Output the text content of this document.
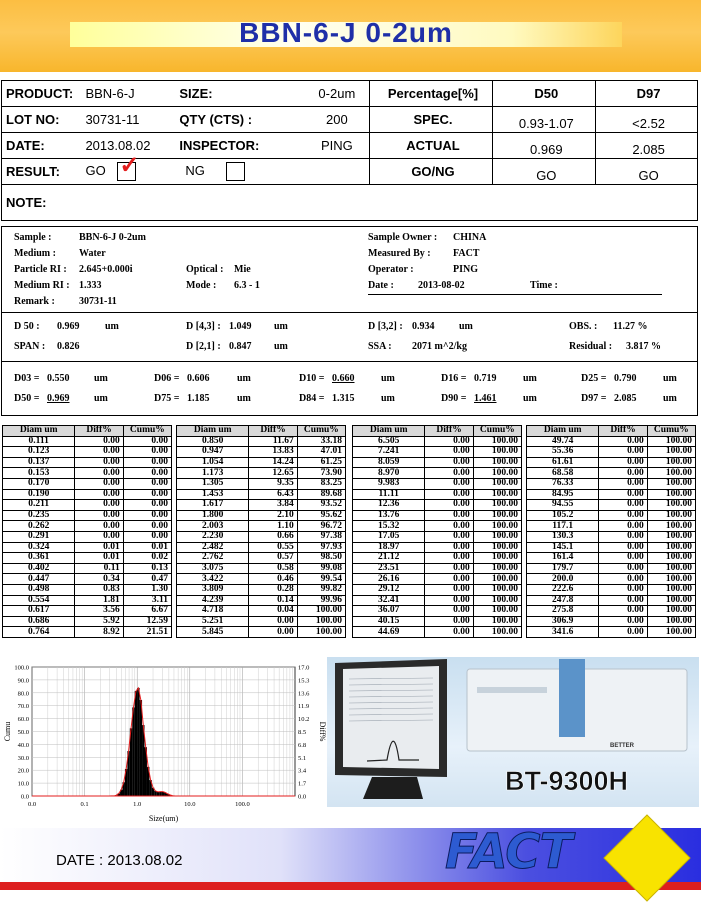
BBN-6-J 0-2um
PRODUCT:	BBN-6-J	SIZE:	0-2um	Percentage[%]	D50	D97
LOT NO:	30731-11	QTY (CTS) :	200	SPEC.	0.93-1.07	<2.52
DATE:	2013.08.02	INSPECTOR:	PING	ACTUAL	0.969	2.085
RESULT:	GO ✓	NG		GO/NG	GO	GO
NOTE:						
Sample :	BBN-6-J 0-2um	Sample Owner : CHINA
Medium : Water	Measured By : FACT
Particle RI : 2.645+0.000i	Optical : Mie	Operator :	PING
Medium RI : 1.333	Mode : 6.3 - 1	Date : 2013-08-02	Time :
Remark : 30731-11
D 50 : 0.969	um	D [4,3] : 1.049 um	D [3,2] : 0.934 um	OBS. : 11.27 %
SPAN : 0.826	D [2,1] : 0.847 um	SSA : 2071 m^2/kg	Residual : 3.817 %
D03 = 0.550 um	D06 = 0.606	um	D10 = 0.660	um	D16 = 0.719	um	D25 = 0.790	um
D50 = 0.969 um	D75 = 1.185	um	D84 = 1.315	um	D90 = 1.461	um	D97 = 2.085	um
Diam um	Diff%	Cumu%
0.111	0.00	0.00
0.123	0.00	0.00
0.137	0.00	0.00
0.153	0.00	0.00
0.170	0.00	0.00
0.190	0.00	0.00
0.211	0.00	0.00
0.235	0.00	0.00
0.262	0.00	0.00
0.291	0.00	0.00
0.324	0.01	0.01
0.361	0.01	0.02
0.402	0.11	0.13
0.447	0.34	0.47
0.498	0.83	1.30
0.554	1.81	3.11
0.617	3.56	6.67
0.686	5.92	12.59
0.764	8.92	21.51
Diam um	Diff%	Cumu%
0.850	11.67	33.18
0.947	13.83	47.01
1.054	14.24	61.25
1.173	12.65	73.90
1.305	9.35	83.25
1.453	6.43	89.68
1.617	3.84	93.52
1.800	2.10	95.62
2.003	1.10	96.72
2.230	0.66	97.38
2.482	0.55	97.93
2.762	0.57	98.50
3.075	0.58	99.08
3.422	0.46	99.54
3.809	0.28	99.82
4.239	0.14	99.96
4.718	0.04	100.00
5.251	0.00	100.00
5.845	0.00	100.00
Diam um	Diff%	Cumu%
6.505	0.00	100.00
7.241	0.00	100.00
8.059	0.00	100.00
8.970	0.00	100.00
9.983	0.00	100.00
11.11	0.00	100.00
12.36	0.00	100.00
13.76	0.00	100.00
15.32	0.00	100.00
17.05	0.00	100.00
18.97	0.00	100.00
21.12	0.00	100.00
23.51	0.00	100.00
26.16	0.00	100.00
29.12	0.00	100.00
32.41	0.00	100.00
36.07	0.00	100.00
40.15	0.00	100.00
44.69	0.00	100.00
Diam um	Diff%	Cumu%
49.74	0.00	100.00
55.36	0.00	100.00
61.61	0.00	100.00
68.58	0.00	100.00
76.33	0.00	100.00
84.95	0.00	100.00
94.55	0.00	100.00
105.2	0.00	100.00
117.1	0.00	100.00
130.3	0.00	100.00
145.1	0.00	100.00
161.4	0.00	100.00
179.7	0.00	100.00
200.0	0.00	100.00
222.6	0.00	100.00
247.8	0.00	100.00
275.8	0.00	100.00
306.9	0.00	100.00
341.6	0.00	100.00
0.0	0.0
10.0	1.7
20.0	3.4
30.0	5.1
40.0	6.8
50.0	8.5
60.0	10.2
70.0	11.9
80.0	13.6
90.0	15.3
100.0	17.0
0.0	0.1	1.0	10.0	100.0
Size(um)
Cumu	Diff%
BETTER
BT-9300H
DATE : 2013.08.02	FACT
